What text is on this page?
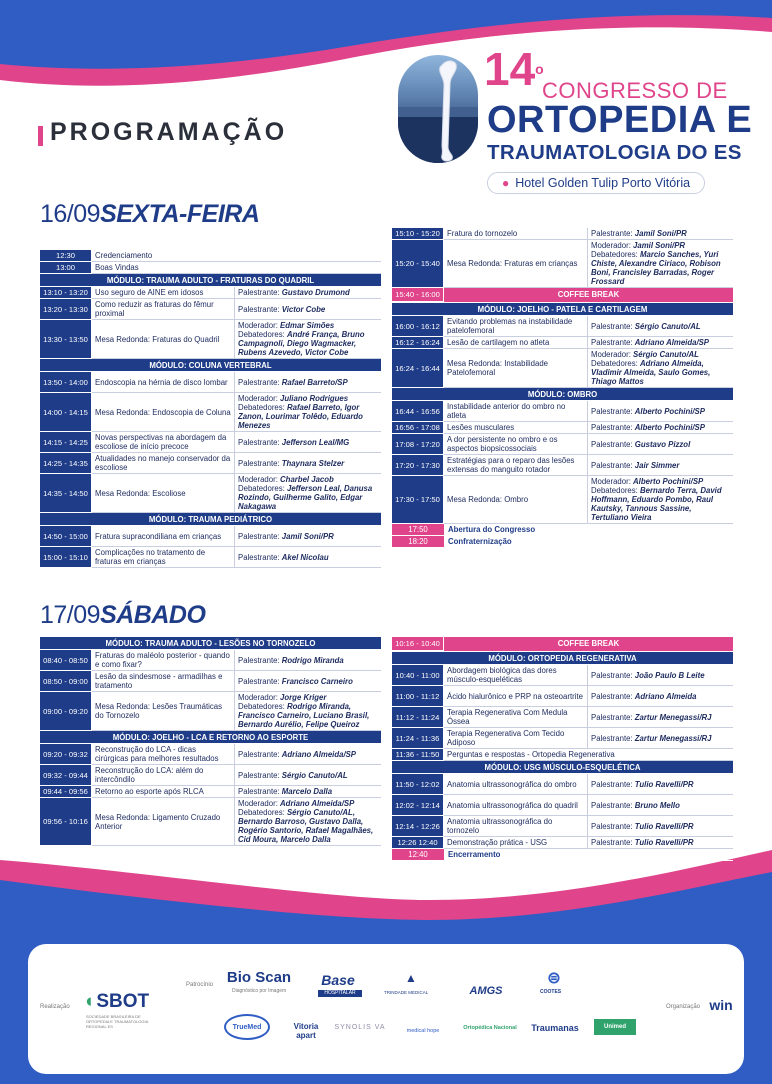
PROGRAMAÇÃO
14$^o$
CONGRESSO DE
ORTOPEDIA E
TRAUMATOLOGIA DO ES
● Hotel Golden Tulip Porto Vitória
16/09SEXTA-FEIRA
17/09SÁBADO
12:30	Credenciamento
13:00	Boas Vindas
MÓDULO: TRAUMA ADULTO - FRATURAS DO QUADRIL
13:10 - 13:20 Uso seguro de AINE em idosos	Palestrante: Gustavo Drumond
13:20 - 13:30 Como reduzir as fraturas do fêmur proximal	Palestrante: Victor Cobe
13:30 - 13:50 Mesa Redonda: Fraturas do Quadril
Moderador: Edmar Simões
Debatedores: André França, Bruno Campagnoli, Diego Wagmacker, Rubens Azevedo, Victor Cobe
MÓDULO: COLUNA VERTEBRAL
13:50 - 14:00 Endoscopia na hérnia de disco lombar	Palestrante: Rafael Barreto/SP
14:00 - 14:15 Mesa Redonda: Endoscopia de Coluna
Moderador: Juliano Rodrigues
Debatedores: Rafael Barreto, Igor Zanon, Lourimar Tolêdo, Eduardo Menezes
14:15 - 14:25 Novas perspectivas na abordagem da escoliose de início precoce	Palestrante: Jefferson Leal/MG
14:25 - 14:35 Atualidades no manejo conservador da escoliose	Palestrante: Thaynara Stelzer
14:35 - 14:50 Mesa Redonda: Escoliose
Moderador: Charbel Jacob
Debatedores: Jefferson Leal, Danusa Rozindo, Guilherme Galito, Edgar Nakagawa
MÓDULO: TRAUMA PEDIÁTRICO
14:50 - 15:00 Fratura supracondiliana em crianças	Palestrante: Jamil Soni/PR
15:00 - 15:10 Complicações no tratamento de fraturas em crianças	Palestrante: Akel Nicolau
15:10 - 15:20 Fratura do tornozelo	Palestrante: Jamil Soni/PR
15:20 - 15:40 Mesa Redonda: Fraturas em crianças
Moderador: Jamil Soni/PR
Debatedores: Marcio Sanches, Yuri Chiste, Alexandre Ciriaco, Robison Boni, Francisley Barradas, Roger Frossard
15:40 - 16:00	COFFEE BREAK
MÓDULO: JOELHO - PATELA E CARTILAGEM
16:00 - 16:12 Evitando problemas na instabilidade patelofemoral	Palestrante: Sérgio Canuto/AL
16:12 - 16:24 Lesão de cartilagem no atleta	Palestrante: Adriano Almeida/SP
16:24 - 16:44 Mesa Redonda: Instabilidade Patelofemoral
Moderador: Sérgio Canuto/AL
Debatedores: Adriano Almeida, Vladimir Almeida, Saulo Gomes, Thiago Mattos
MÓDULO: OMBRO
16:44 - 16:56 Instabilidade anterior do ombro no atleta	Palestrante: Alberto Pochini/SP
16:56 - 17:08 Lesões musculares	Palestrante: Alberto Pochini/SP
17:08 - 17:20 A dor persistente no ombro e os aspectos biopsicossociais	Palestrante: Gustavo Pizzol
17:20 - 17:30 Estratégias para o reparo das lesões extensas do manguito rotador	Palestrante: Jair Simmer
17:30 - 17:50 Mesa Redonda: Ombro
Moderador: Alberto Pochini/SP
Debatedores: Bernardo Terra, David Hoffmann, Eduardo Pombo, Raul Kautsky, Tannous Sassine, Tertuliano Vieira
17:50	Abertura do Congresso
18:20	Confraternização
MÓDULO: TRAUMA ADULTO - LESÕES NO TORNOZELO
08:40 - 08:50 Fraturas do maléolo posterior - quando e como fixar?	Palestrante: Rodrigo Miranda
08:50 - 09:00 Lesão da sindesmose - armadilhas e tratamento	Palestrante: Francisco Carneiro
09:00 - 09:20 Mesa Redonda: Lesões Traumáticas do Tornozelo
Moderador: Jorge Kriger
Debatedores: Rodrigo Miranda, Francisco Carneiro, Luciano Brasil, Bernardo Aurélio, Felipe Queiroz
MÓDULO: JOELHO - LCA E RETORNO AO ESPORTE
09:20 - 09:32 Reconstrução do LCA - dicas cirúrgicas para melhores resultados	Palestrante: Adriano Almeida/SP
09:32 - 09:44 Reconstrução do LCA: além do intercôndilo	Palestrante: Sérgio Canuto/AL
09:44 - 09:56 Retorno ao esporte após RLCA	Palestrante: Marcelo Dalla
09:56 - 10:16 Mesa Redonda: Ligamento Cruzado Anterior
Moderador: Adriano Almeida/SP
Debatedores: Sérgio Canuto/AL, Bernardo Barroso, Gustavo Dalla, Rogério Santorio, Rafael Magalhães, Cid Moura, Marcelo Dalla
10:16 - 10:40	COFFEE BREAK
MÓDULO: ORTOPEDIA REGENERATIVA
10:40 - 11:00 Abordagem biológica das dores músculo-esqueléticas	Palestrante: João Paulo B Leite
11:00 - 11:12 Ácido hialurônico e PRP na osteoartrite	Palestrante: Adriano Almeida
11:12 - 11:24 Terapia Regenerativa Com Medula Óssea	Palestrante: Zartur Menegassi/RJ
11:24 - 11:36 Terapia Regenerativa Com Tecido Adiposo	Palestrante: Zartur Menegassi/RJ
11:36 - 11:50 Perguntas e respostas - Ortopedia Regenerativa
MÓDULO: USG MÚSCULO-ESQUELÉTICA
11:50 - 12:02 Anatomia ultrassonográfica do ombro	Palestrante: Tulio Ravelli/PR
12:02 - 12:14 Anatomia ultrassonográfica do quadril	Palestrante: Bruno Mello
12:14 - 12:26 Anatomia ultrassonográfica do tornozelo	Palestrante: Tulio Ravelli/PR
12:26 12:40	Demonstração prática - USG	Palestrante: Tulio Ravelli/PR
12:40	Encerramento
Realização ◖ SBOT
SOCIEDADE BRASILEIRA DE ORTOPEDIA E TRAUMATOLOGIA REGIONAL ES
Patrocínio Bio Scan
Diagnóstico por Imagem
Base
HOSPITALAR
▲
TRINDADE MEDICAL	AMGS
⊜
COOTES
TrueMed	Vitoria apart
SYNOLIS VA
medical hope	Ortopédica Nacional	Traumanas	Unimed
Organização win
